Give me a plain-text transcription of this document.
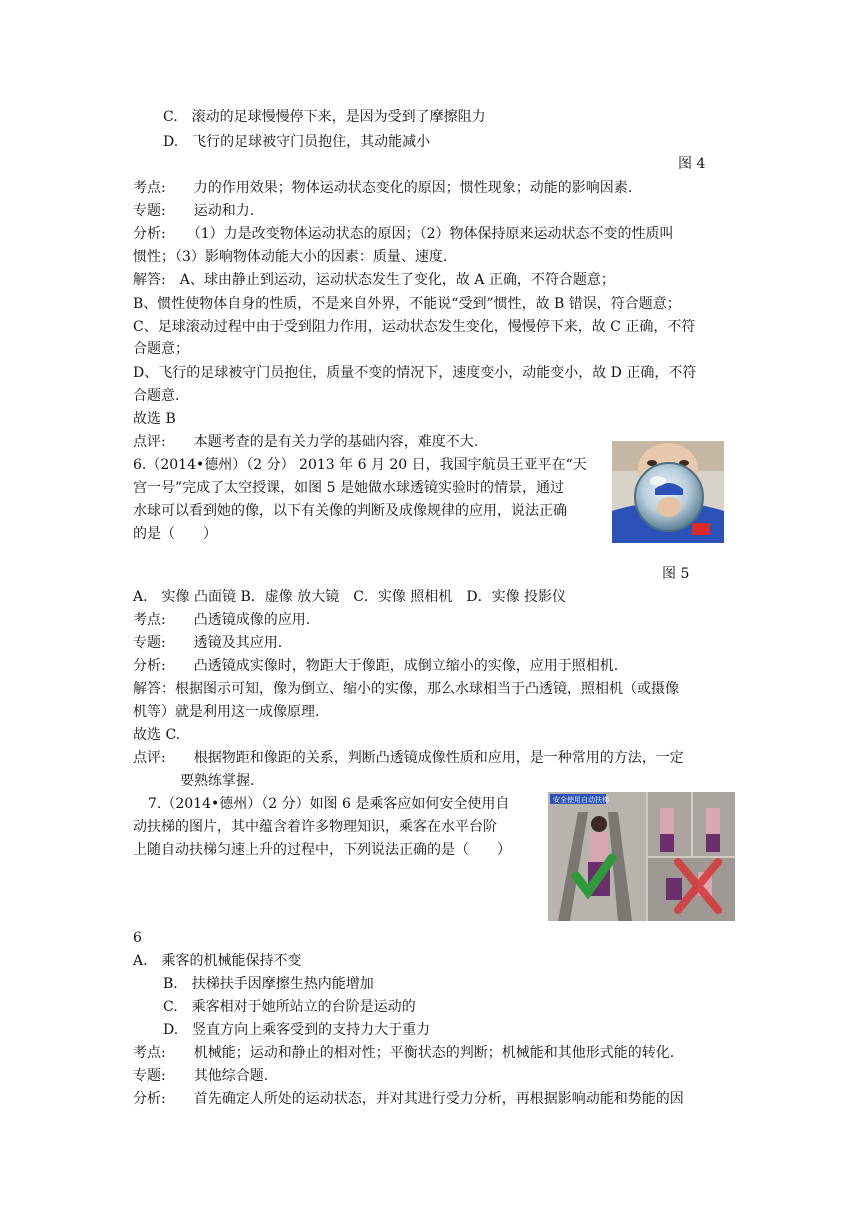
C.　滚动的足球慢慢停下来，是因为受到了摩擦阻力
D.　飞行的足球被守门员抱住，其动能减小
图 4
考点:　　力的作用效果；物体运动状态变化的原因；惯性现象；动能的影响因素.
专题:　　运动和力.
分析:　　（1）力是改变物体运动状态的原因；（2）物体保持原来运动状态不变的性质叫
惯性；（3）影响物体动能大小的因素：质量、速度.
解答:　A、球由静止到运动，运动状态发生了变化，故 A 正确，不符合题意；
B、惯性使物体自身的性质，不是来自外界，不能说“受到”惯性，故 B 错误，符合题意；
C、足球滚动过程中由于受到阻力作用，运动状态发生变化，慢慢停下来，故 C 正确，不符
合题意；
D、飞行的足球被守门员抱住，质量不变的情况下，速度变小，动能变小，故 D 正确，不符
合题意.
故选 B
点评:　　本题考查的是有关力学的基础内容，难度不大.
6.（2014•德州）（2 分） 2013 年 6 月 20 日，我国宇航员王亚平在“天
宫一号”完成了太空授课，如图 5 是她做水球透镜实验时的情景，通过
水球可以看到她的像，以下有关像的判断及成像规律的应用，说法正确
的是（　　）
图 5
A.　实像 凸面镜 B．虚像 放大镜　C．实像 照相机　D．实像 投影仪
考点:　　凸透镜成像的应用.
专题:　　透镜及其应用.
分析:　　凸透镜成实像时，物距大于像距，成倒立缩小的实像，应用于照相机.
解答：根据图示可知，像为倒立、缩小的实像，那么水球相当于凸透镜，照相机（或摄像
机等）就是利用这一成像原理.
故选 C.
点评:　　根据物距和像距的关系，判断凸透镜成像性质和应用，是一种常用的方法，一定
要熟练掌握.
7.（2014•德州）（2 分）如图 6 是乘客应如何安全使用自
动扶梯的图片，其中蕴含着许多物理知识，乘客在水平台阶
上随自动扶梯匀速上升的过程中，下列说法正确的是（　　）
安全使用自动扶梯
6
A.　乘客的机械能保持不变
B.　扶梯扶手因摩擦生热内能增加
C.　乘客相对于她所站立的台阶是运动的
D.　竖直方向上乘客受到的支持力大于重力
考点:　　机械能；运动和静止的相对性；平衡状态的判断；机械能和其他形式能的转化.
专题:　　其他综合题.
分析:　　首先确定人所处的运动状态，并对其进行受力分析，再根据影响动能和势能的因
